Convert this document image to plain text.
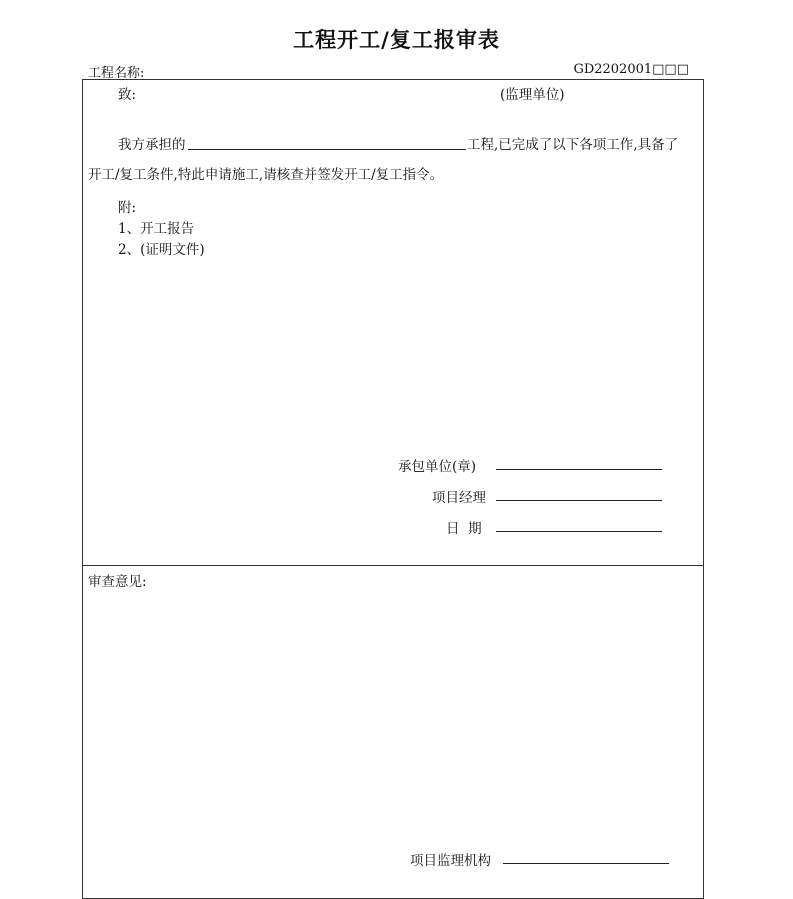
工程开工/复工报审表
工程名称:	GD2202001□□□
致:	(监理单位)
我方承担的	工程,已完成了以下各项工作,具备了
开工/复工条件,特此申请施工,请核查并签发开工/复工指令。
附:
1、开工报告
2、(证明文件)
承包单位(章)
项目经理
日  期
审查意见:
项目监理机构
